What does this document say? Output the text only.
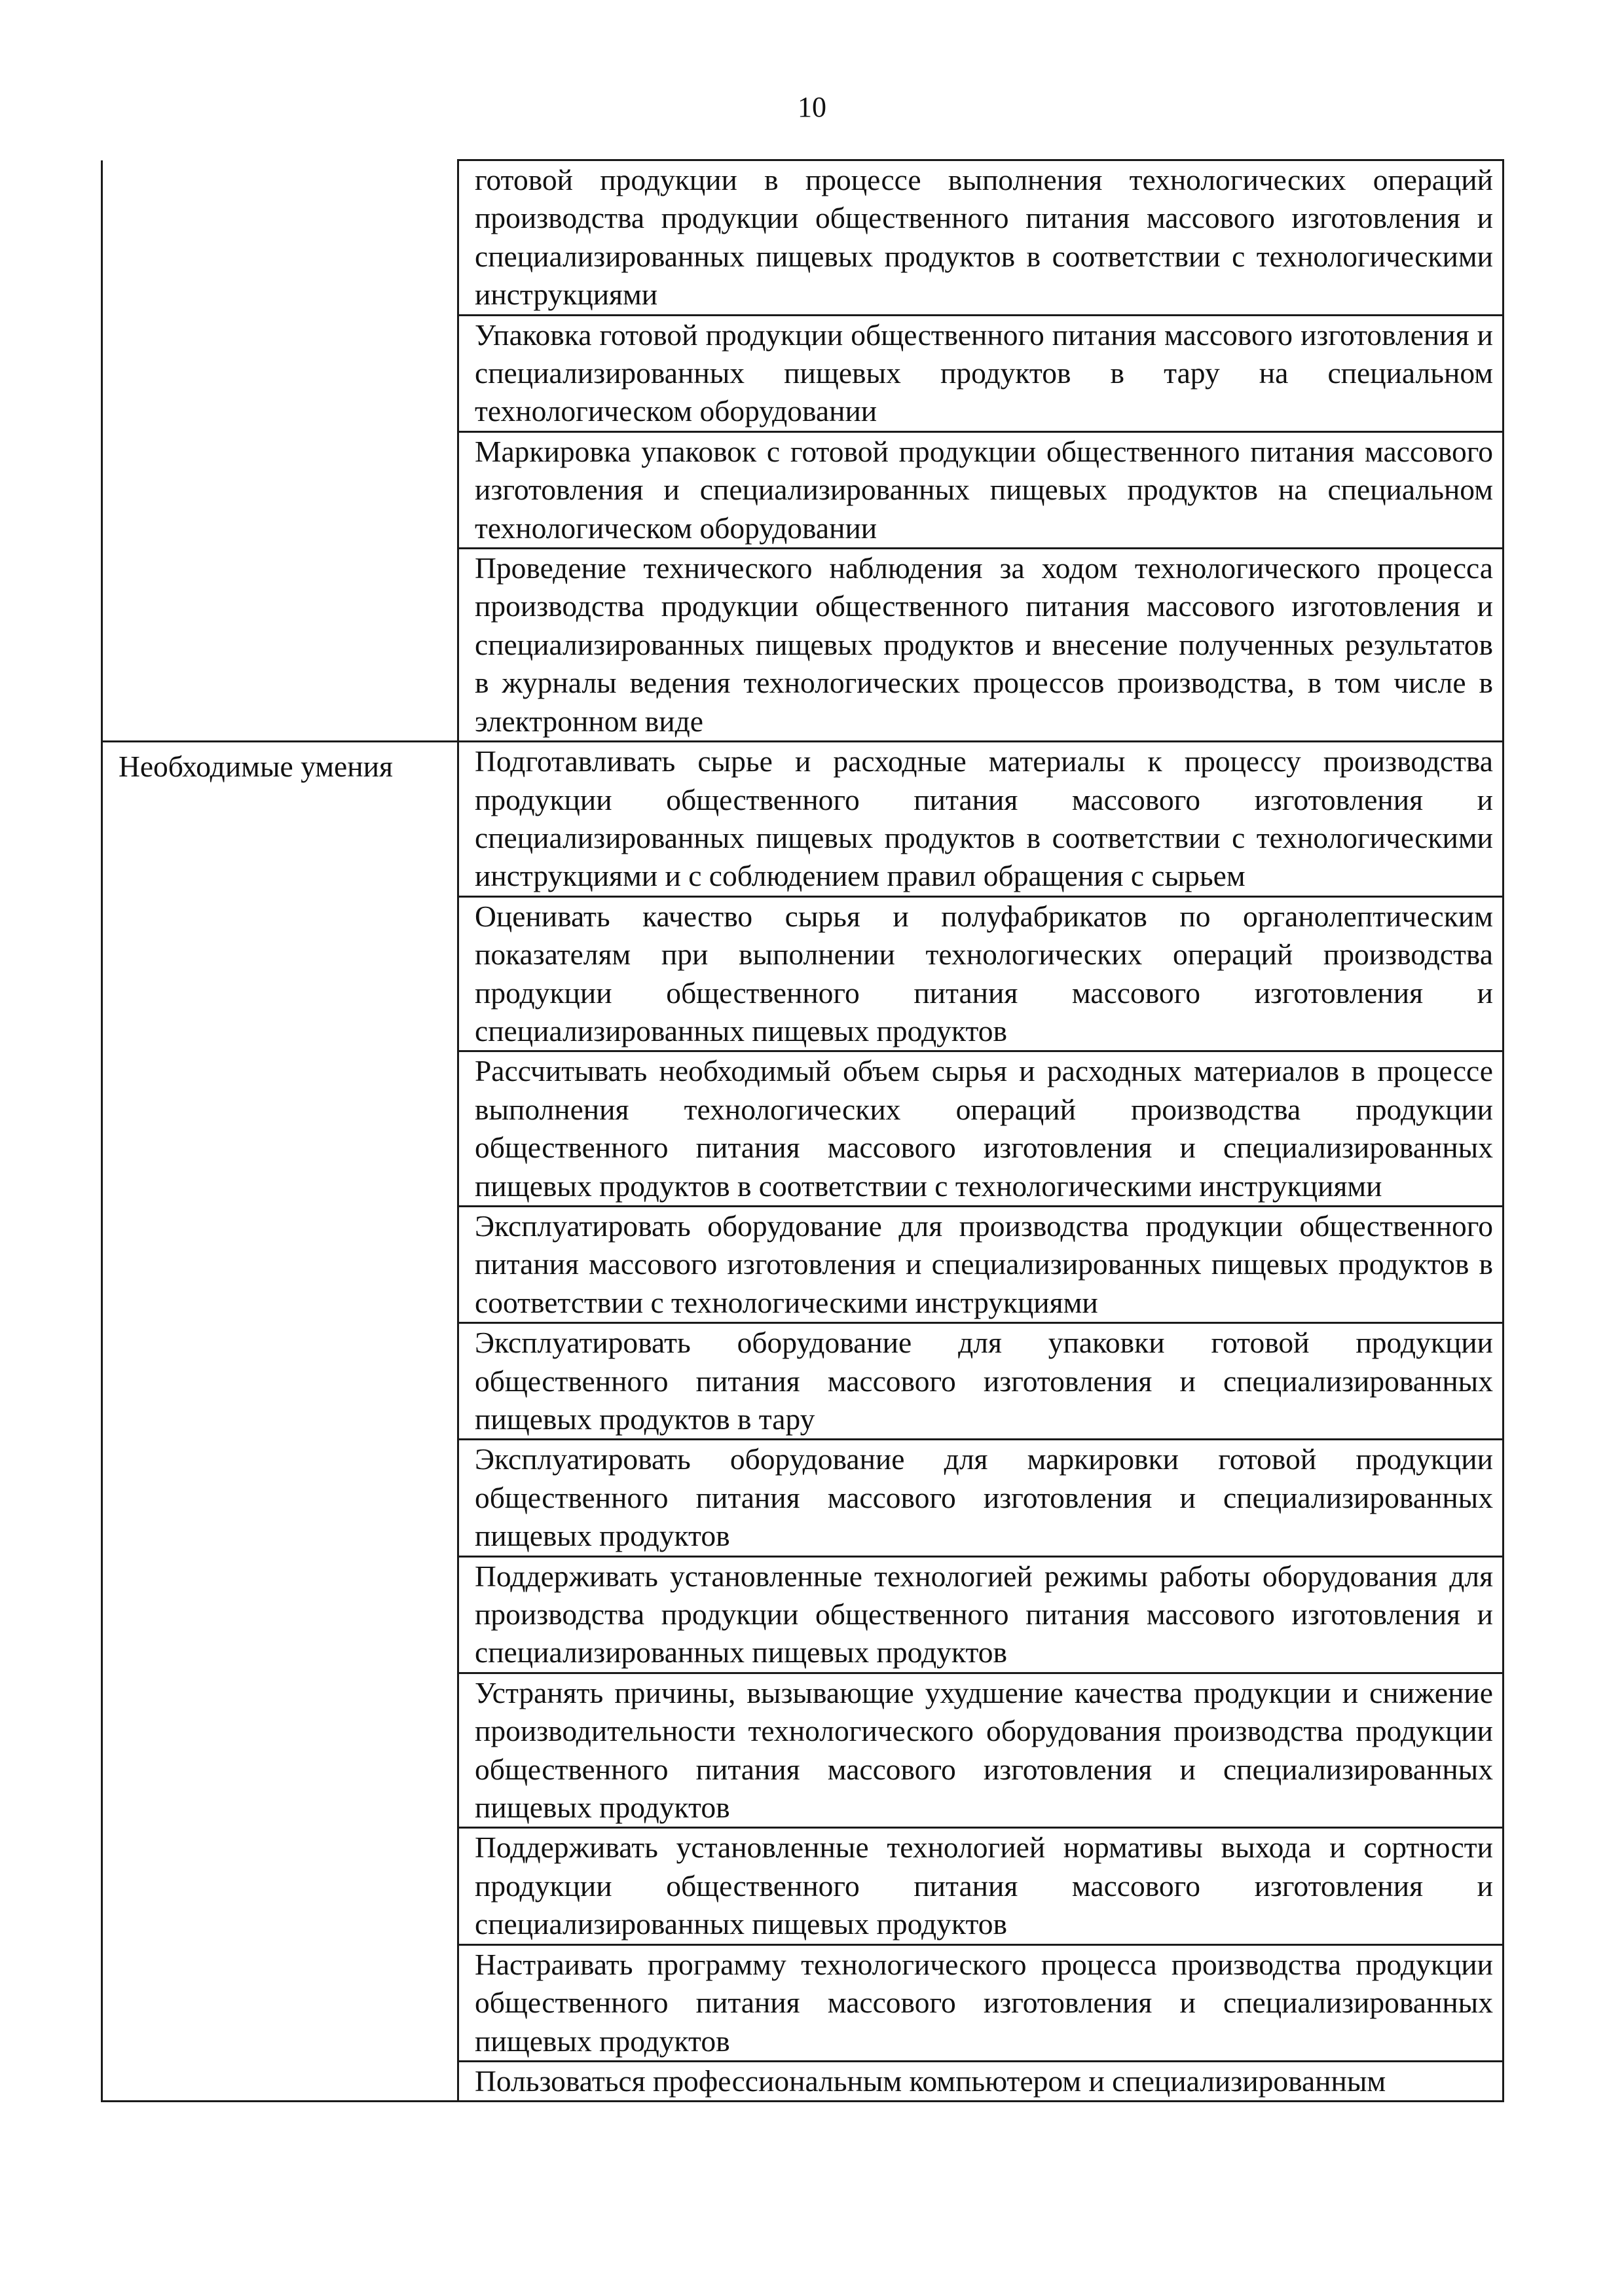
10
	готовой продукции в процессе выполнения технологических операций производства продукции общественного питания массового изготовления и специализированных пищевых продуктов в соответствии с технологическими инструкциями
	Упаковка готовой продукции общественного питания массового изготовления и специализированных пищевых продуктов в тару на специальном технологическом оборудовании
	Маркировка упаковок с готовой продукции общественного питания массового изготовления и специализированных пищевых продуктов на специальном технологическом оборудовании
	Проведение технического наблюдения за ходом технологического процесса производства продукции общественного питания массового изготовления и специализированных пищевых продуктов и внесение полученных результатов в журналы ведения технологических процессов производства, в том числе в электронном виде
Необходимые умения	Подготавливать сырье и расходные материалы к процессу производства продукции общественного питания массового изготовления и специализированных пищевых продуктов в соответствии с технологическими инструкциями и с соблюдением правил обращения с сырьем
	Оценивать качество сырья и полуфабрикатов по органолептическим показателям при выполнении технологических операций производства продукции общественного питания массового изготовления и специализированных пищевых продуктов
	Рассчитывать необходимый объем сырья и расходных материалов в процессе выполнения технологических операций производства продукции общественного питания массового изготовления и специализированных пищевых продуктов в соответствии с технологическими инструкциями
	Эксплуатировать оборудование для производства продукции общественного питания массового изготовления и специализированных пищевых продуктов в соответствии с технологическими инструкциями
	Эксплуатировать оборудование для упаковки готовой продукции общественного питания массового изготовления и специализированных пищевых продуктов в тару
	Эксплуатировать оборудование для маркировки готовой продукции общественного питания массового изготовления и специализированных пищевых продуктов
	Поддерживать установленные технологией режимы работы оборудования для производства продукции общественного питания массового изготовления и специализированных пищевых продуктов
	Устранять причины, вызывающие ухудшение качества продукции и снижение производительности технологического оборудования производства продукции общественного питания массового изготовления и специализированных пищевых продуктов
	Поддерживать установленные технологией нормативы выхода и сортности продукции общественного питания массового изготовления и специализированных пищевых продуктов
	Настраивать программу технологического процесса производства продукции общественного питания массового изготовления и специализированных пищевых продуктов
	Пользоваться профессиональным компьютером и специализированным
